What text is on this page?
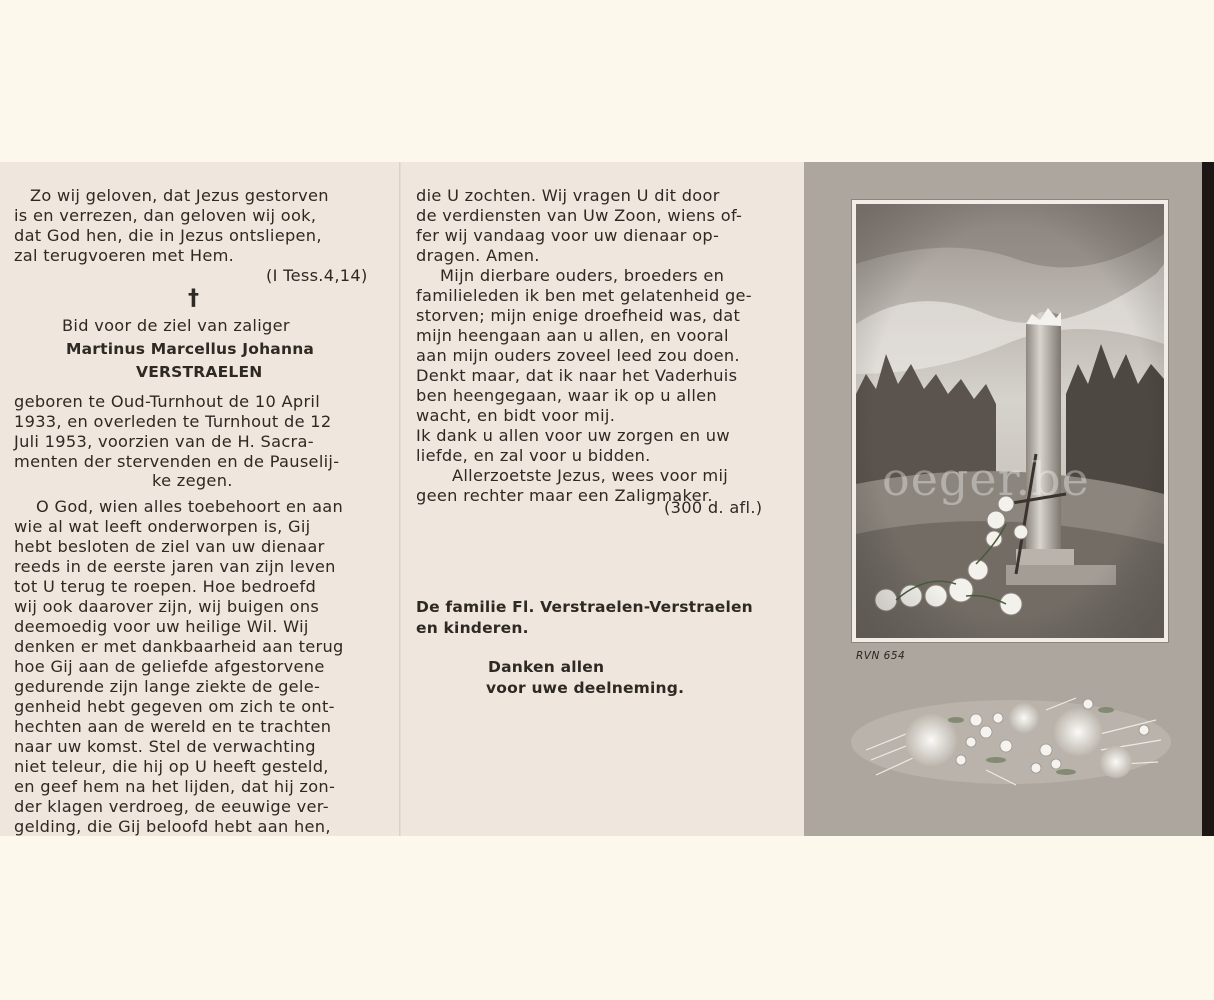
Zo wij geloven, dat Jezus gestorven

is en verrezen, dan geloven wij ook,

dat God hen, die in Jezus ontsliepen,

zal terugvoeren met Hem.

(I Tess.4,14)

†

Bid voor de ziel van zaliger

Martinus Marcellus Johanna

VERSTRAELEN

geboren te Oud-Turnhout de 10 April

1933, en overleden te Turnhout de 12

Juli 1953, voorzien van de H. Sacra-

menten der stervenden en de Pauselij-

ke zegen.

O God, wien alles toebehoort en aan
wie al wat leeft onderworpen is, Gij
hebt besloten de ziel van uw dienaar
reeds in de eerste jaren van zijn leven
tot U terug te roepen. Hoe bedroefd
wij ook daarover zijn, wij buigen ons
deemoedig voor uw heilige Wil. Wij
denken er met dankbaarheid aan terug
hoe Gij aan de geliefde afgestorvene
gedurende zijn lange ziekte de gele-
genheid hebt gegeven om zich te ont-
hechten aan de wereld en te trachten
naar uw komst. Stel de verwachting
niet teleur, die hij op U heeft gesteld,
en geef hem na het lijden, dat hij zon-
der klagen verdroeg, de eeuwige ver-
gelding, die Gij beloofd hebt aan hen,
die U zochten. Wij vragen U dit door
de verdiensten van Uw Zoon, wiens of-
fer wij vandaag voor uw dienaar op-
dragen. Amen.
Mijn dierbare ouders, broeders en
familieleden ik ben met gelatenheid ge-
storven; mijn enige droefheid was, dat
mijn heengaan aan u allen, en vooral
aan mijn ouders zoveel leed zou doen.
Denkt maar, dat ik naar het Vaderhuis
ben heengegaan, waar ik op u allen
wacht, en bidt voor mij.
Ik dank u allen voor uw zorgen en uw
liefde, en zal voor u bidden.
Allerzoetste Jezus, wees voor mij
geen rechter maar een Zaligmaker.

(300 d. afl.)

De familie Fl. Verstraelen-Verstraelen

en kinderen.

Danken allen

voor uwe deelneming.

oeger.be
RVN 654
